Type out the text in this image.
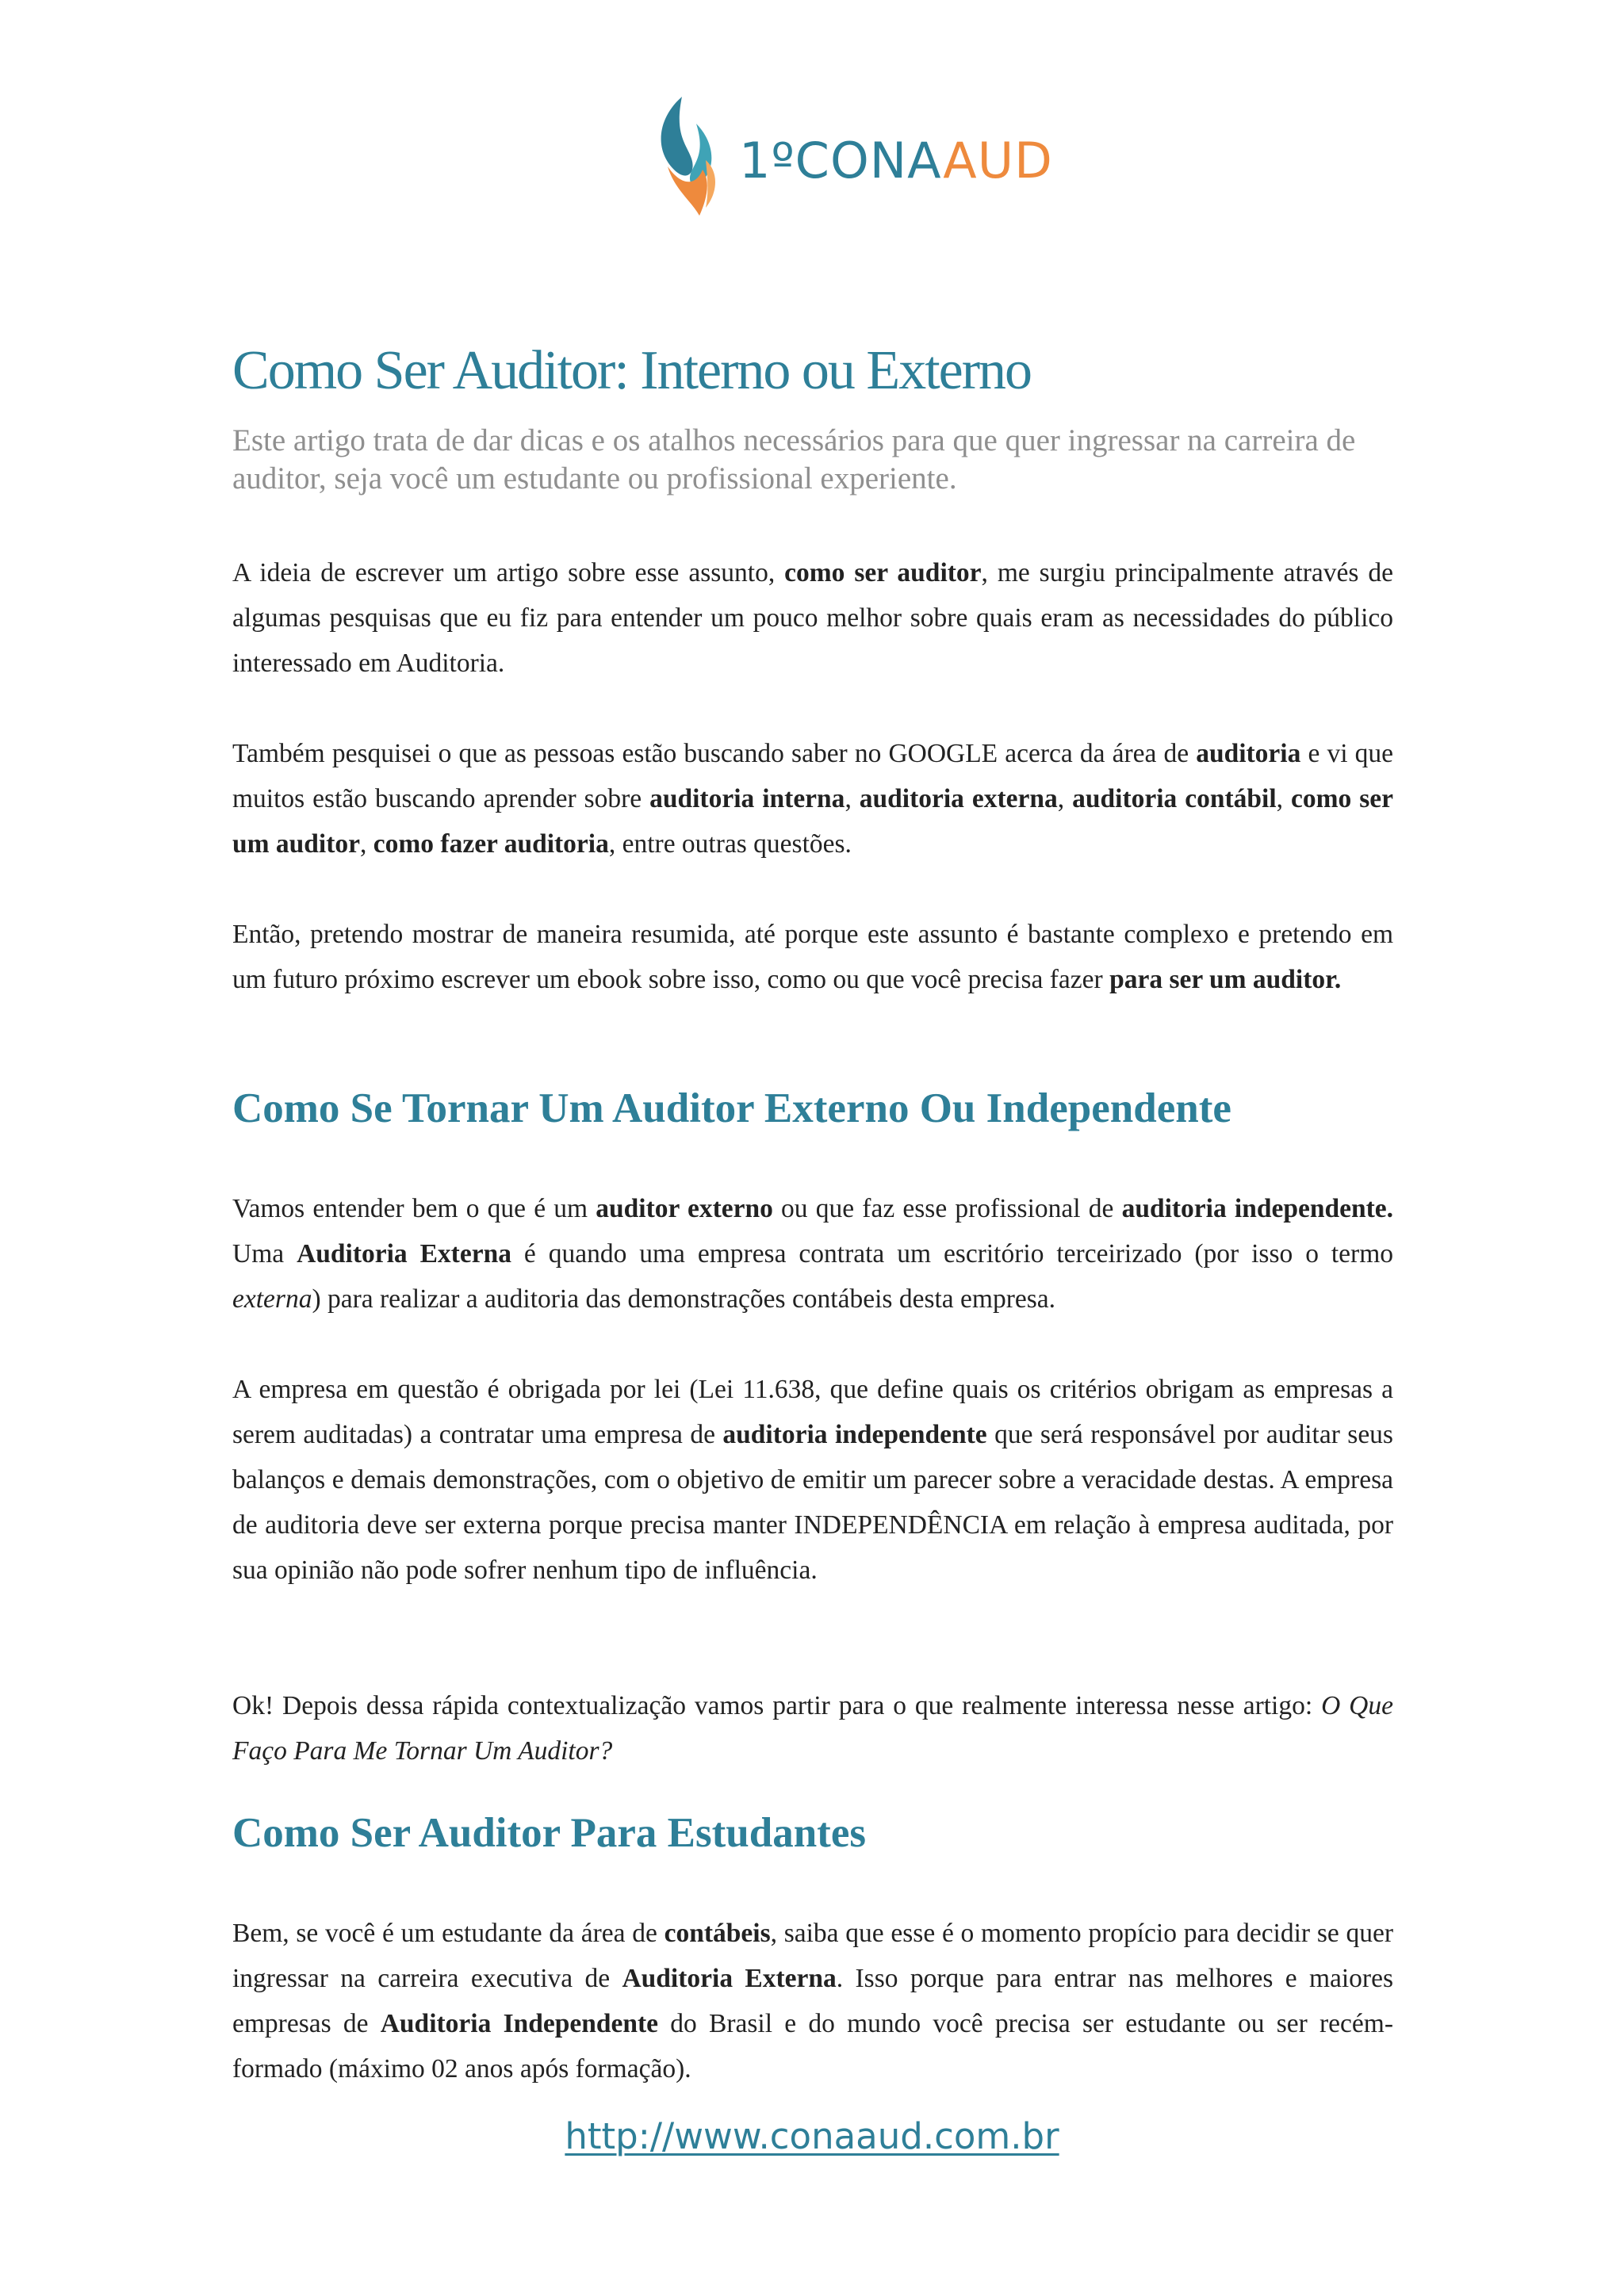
1ºCONAAUD
Como Ser Auditor: Interno ou Externo

Este artigo trata de dar dicas e os atalhos necessários para que quer ingressar na carreira de auditor, seja você um estudante ou profissional experiente.

A ideia de escrever um artigo sobre esse assunto, como ser auditor, me surgiu principalmente através de algumas pesquisas que eu fiz para entender um pouco melhor sobre quais eram as necessidades do público interessado em Auditoria.

Também pesquisei o que as pessoas estão buscando saber no GOOGLE acerca da área de auditoria e vi que muitos estão buscando aprender sobre auditoria interna, auditoria externa, auditoria contábil, como ser um auditor, como fazer auditoria, entre outras questões.

Então, pretendo mostrar de maneira resumida, até porque este assunto é bastante complexo e pretendo em um futuro próximo escrever um ebook sobre isso, como ou que você precisa fazer para ser um auditor.

Como Se Tornar Um Auditor Externo Ou Independente

Vamos entender bem o que é um auditor externo ou que faz esse profissional de auditoria independente. Uma Auditoria Externa é quando uma empresa contrata um escritório terceirizado (por isso o termo externa) para realizar a auditoria das demonstrações contábeis desta empresa.

A empresa em questão é obrigada por lei (Lei 11.638, que define quais os critérios obrigam as empresas a serem auditadas) a contratar uma empresa de auditoria independente que será responsável por auditar seus balanços e demais demonstrações, com o objetivo de emitir um parecer sobre a veracidade destas. A empresa de auditoria deve ser externa porque precisa manter INDEPENDÊNCIA em relação à empresa auditada, por sua opinião não pode sofrer nenhum tipo de influência.

Ok! Depois dessa rápida contextualização vamos partir para o que realmente interessa nesse artigo: O Que Faço Para Me Tornar Um Auditor?

Como Ser Auditor Para Estudantes

Bem, se você é um estudante da área de contábeis, saiba que esse é o momento propício para decidir se quer ingressar na carreira executiva de Auditoria Externa. Isso porque para entrar nas melhores e maiores empresas de Auditoria Independente do Brasil e do mundo você precisa ser estudante ou ser recém-formado (máximo 02 anos após formação).

http://www.conaaud.com.br
